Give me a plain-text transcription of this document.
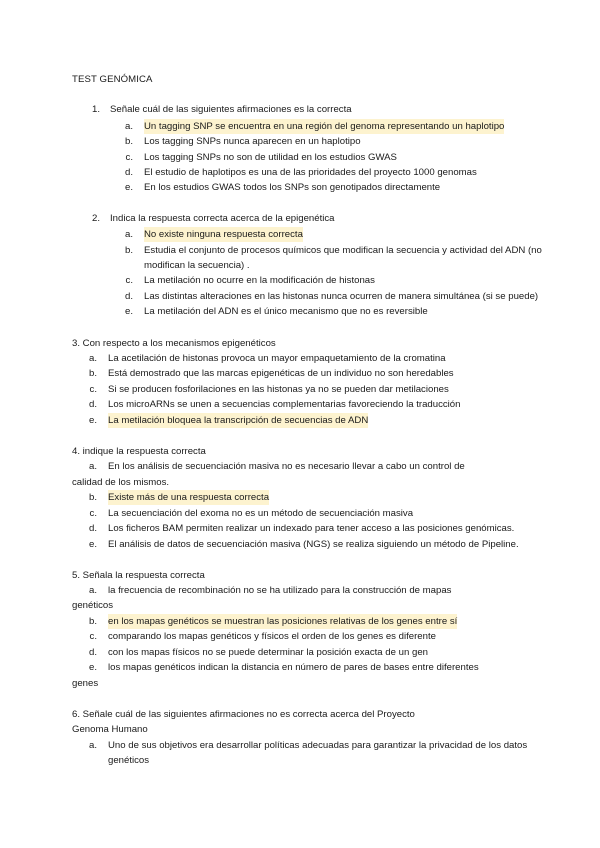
TEST GENÓMICA
1. Señale cuál de las siguientes afirmaciones es la correcta
a. Un tagging SNP se encuentra en una región del genoma representando un haplotipo
b. Los tagging SNPs nunca aparecen en un haplotipo
c. Los tagging SNPs no son de utilidad en los estudios GWAS
d. El estudio de haplotipos es una de las prioridades del proyecto 1000 genomas
e. En los estudios GWAS todos los SNPs son genotipados directamente
2. Indica la respuesta correcta acerca de la epigenética
a. No existe ninguna respuesta correcta
b. Estudia el conjunto de procesos químicos que modifican la secuencia y actividad del ADN (no
modifican la secuencia) .
c. La metilación no ocurre en la modificación de histonas
d. Las distintas alteraciones en las histonas nunca ocurren de manera simultánea (si se puede)
e. La metilación del ADN es el único mecanismo que no es reversible
3. Con respecto a los mecanismos epigenéticos
a. La acetilación de histonas provoca un mayor empaquetamiento de la cromatina
b. Está demostrado que las marcas epigenéticas de un individuo no son heredables
c. Si se producen fosforilaciones en las histonas ya no se pueden dar metilaciones
d. Los microARNs se unen a secuencias complementarias favoreciendo la traducción
e. La metilación bloquea la transcripción de secuencias de ADN
4. indique la respuesta correcta
a. En los análisis de secuenciación masiva no es necesario llevar a cabo un control de
calidad de los mismos.
b. Existe más de una respuesta correcta
c. La secuenciación del exoma no es un método de secuenciación masiva
d. Los ficheros BAM permiten realizar un indexado para tener acceso a las posiciones genómicas.
e. El análisis de datos de secuenciación masiva (NGS) se realiza siguiendo un método de Pipeline.
5. Señala la respuesta correcta
a. la frecuencia de recombinación no se ha utilizado para la construcción de mapas
genéticos
b. en los mapas genéticos se muestran las posiciones relativas de los genes entre sí
c. comparando los mapas genéticos y físicos el orden de los genes es diferente
d. con los mapas físicos no se puede determinar la posición exacta de un gen
e. los mapas genéticos indican la distancia en número de pares de bases entre diferentes
genes
6. Señale cuál de las siguientes afirmaciones no es correcta acerca del Proyecto
Genoma Humano
a. Uno de sus objetivos era desarrollar políticas adecuadas para garantizar la privacidad de los datos
genéticos
